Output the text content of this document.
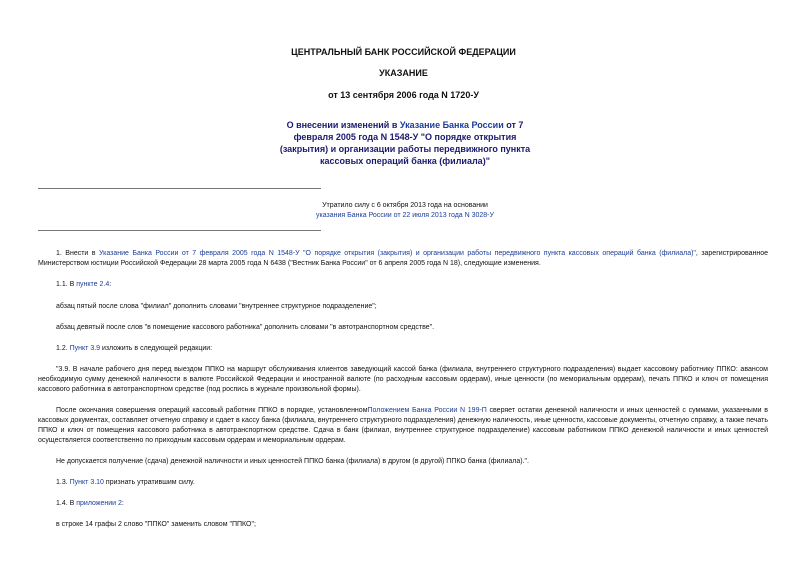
ЦЕНТРАЛЬНЫЙ БАНК РОССИЙСКОЙ ФЕДЕРАЦИИ
УКАЗАНИЕ
от 13 сентября 2006 года N 1720-У
О внесении изменений в Указание Банка России от 7 февраля 2005 года N 1548-У "О порядке открытия (закрытия) и организации работы передвижного пункта кассовых операций банка (филиала)"
Утратило силу с 6 октября 2013 года на основании
указания Банка России от 22 июля 2013 года N 3028-У
1. Внести в Указание Банка России от 7 февраля 2005 года N 1548-У "О порядке открытия (закрытия) и организации работы передвижного пункта кассовых операций банка (филиала)", зарегистрированное Министерством юстиции Российской Федерации 28 марта 2005 года N 6438 ("Вестник Банка России" от 6 апреля 2005 года N 18), следующие изменения.
1.1. В пункте 2.4:
абзац пятый после слова "филиал" дополнить словами "внутреннее структурное подразделение";
абзац девятый после слов "в помещение кассового работника" дополнить словами "в автотранспортном средстве".
1.2. Пункт 3.9 изложить в следующей редакции:
"3.9. В начале рабочего дня перед выездом ППКО на маршрут обслуживания клиентов заведующий кассой банка (филиала, внутреннего структурного подразделения) выдает кассовому работнику ППКО: авансом необходимую сумму денежной наличности в валюте Российской Федерации и иностранной валюте (по расходным кассовым ордерам), иные ценности (по мемориальным ордерам), печать ППКО и ключ от помещения кассового работника в автотранспортном средстве (под роспись в журнале произвольной формы).
После окончания совершения операций кассовый работник ППКО в порядке, установленномПоложением Банка России N 199-П сверяет остатки денежной наличности и иных ценностей с суммами, указанными в кассовых документах, составляет отчетную справку и сдает в кассу банка (филиала, внутреннего структурного подразделения) денежную наличность, иные ценности, кассовые документы, отчетную справку, а также печать ППКО и ключ от помещения кассового работника в автотранспортном средстве. Сдача в банк (филиал, внутреннее структурное подразделение) кассовым работником ППКО денежной наличности и иных ценностей осуществляется соответственно по приходным кассовым ордерам и мемориальным ордерам.
Не допускается получение (сдача) денежной наличности и иных ценностей ППКО банка (филиала) в другом (в другой) ППКО банка (филиала).".
1.3. Пункт 3.10 признать утратившим силу.
1.4. В приложении 2:
в строке 14 графы 2 слово "ППКО" заменить словом "ППКО";
